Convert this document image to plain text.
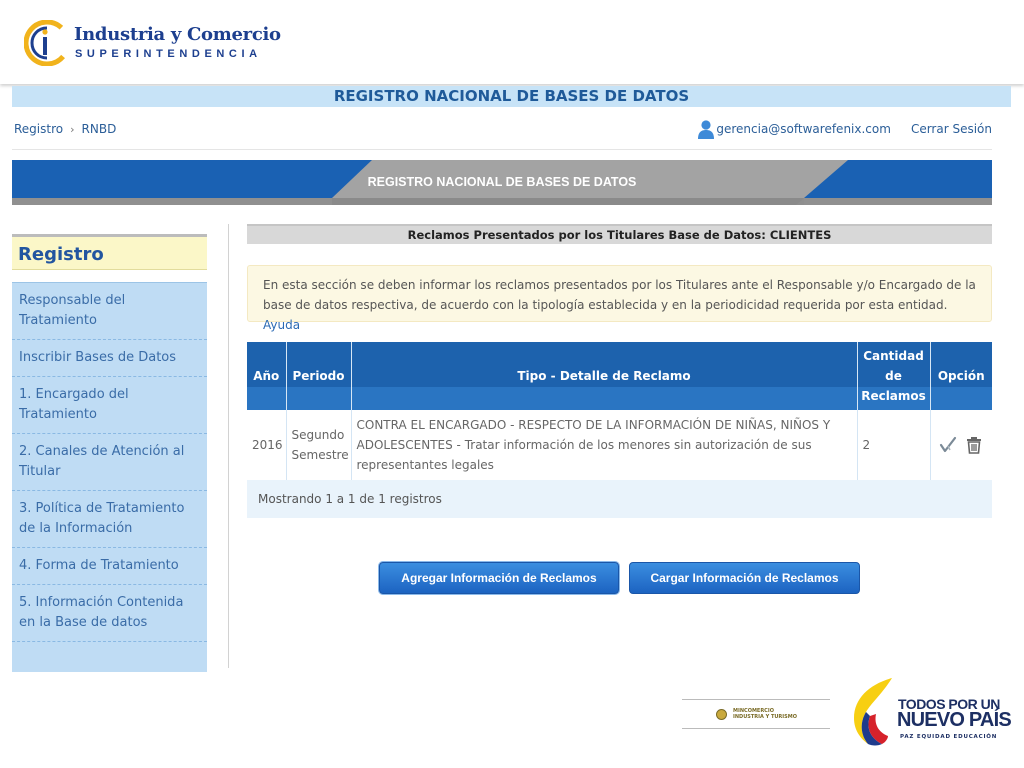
Industria y Comercio
SUPERINTENDENCIA
REGISTRO NACIONAL DE BASES DE DATOS
Registro › RNBD	gerencia@softwarefenix.com Cerrar Sesión
REGISTRO NACIONAL DE BASES DE DATOS
Registro
Responsable del Tratamiento
Inscribir Bases de Datos
1. Encargado del Tratamiento
2. Canales de Atención al Titular
3. Política de Tratamiento de la Información
4. Forma de Tratamiento
5. Información Contenida en la Base de datos
Reclamos Presentados por los Titulares Base de Datos: CLIENTES
En esta sección se deben informar los reclamos presentados por los Titulares ante el Responsable y/o Encargado de la base de datos respectiva, de acuerdo con la tipología establecida y en la periodicidad requerida por esta entidad. Ayuda
Año	Periodo	Tipo - Detalle de Reclamo	Cantidad de Reclamos	Opción
2016	Segundo Semestre	CONTRA EL ENCARGADO - RESPECTO DE LA INFORMACIÓN DE NIÑAS, NIÑOS Y ADOLESCENTES - Tratar información de los menores sin autorización de sus representantes legales	2	
Mostrando 1 a 1 de 1 registros
Agregar Información de Reclamos	Cargar Información de Reclamos
MINCOMERCIO
INDUSTRIA Y TURISMO
TODOS POR UN
NUEVO PAÍS
PAZ EQUIDAD EDUCACIÓN
